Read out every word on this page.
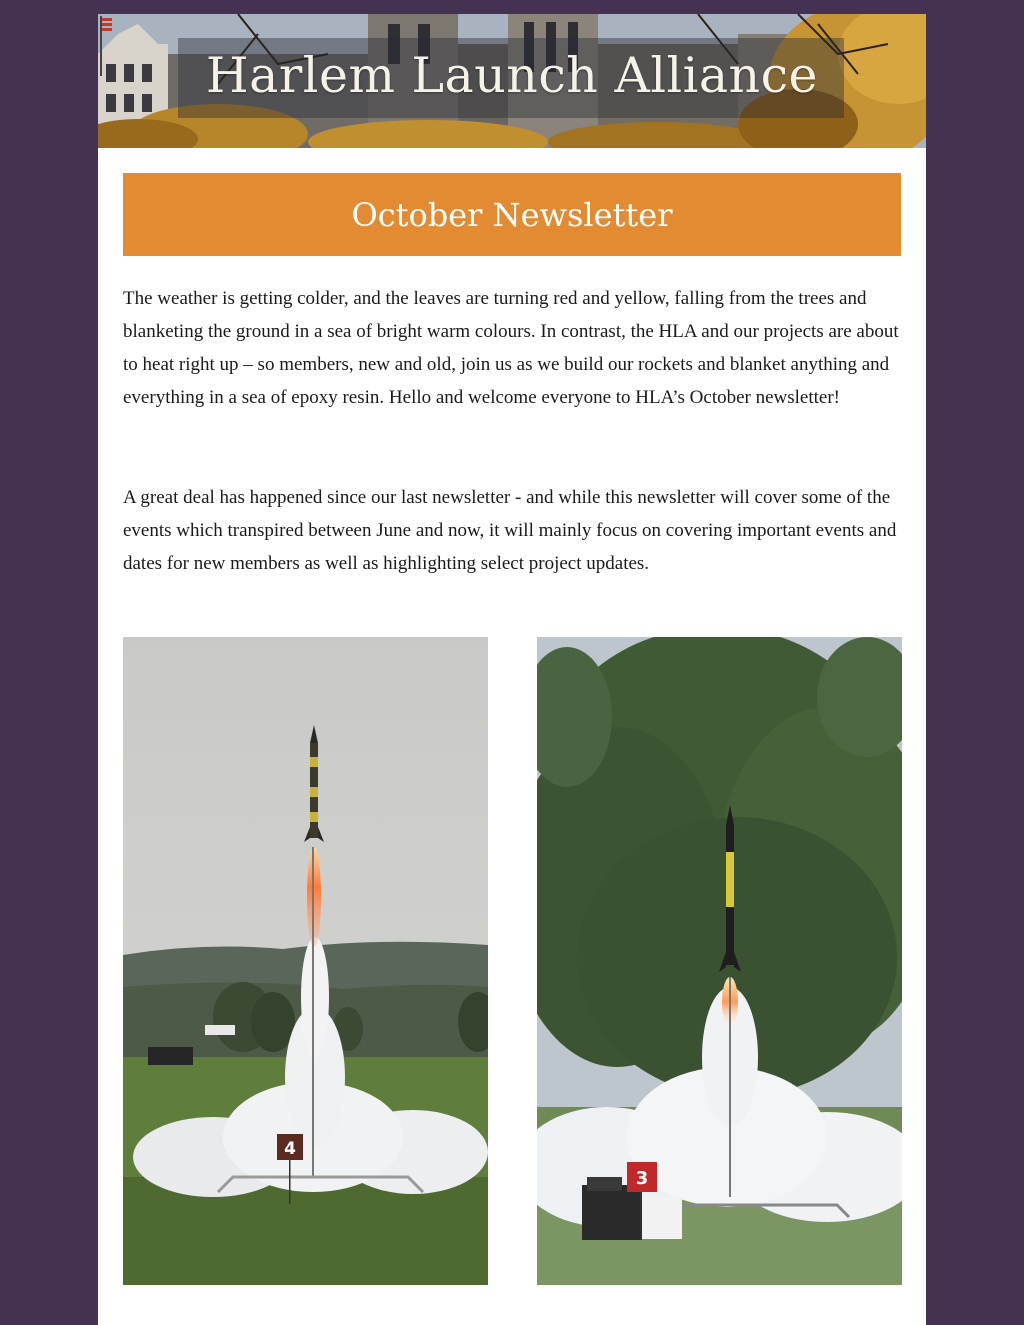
Harlem Launch Alliance
October Newsletter

The weather is getting colder, and the leaves are turning red and yellow, falling from the trees and blanketing the ground in a sea of bright warm colours. In contrast, the HLA and our projects are about to heat right up – so members, new and old, join us as we build our rockets and blanket anything and everything in a sea of epoxy resin. Hello and welcome everyone to HLA’s October newsletter!

A great deal has happened since our last newsletter - and while this newsletter will cover some of the events which transpired between June and now, it will mainly focus on covering important events and dates for new members as well as highlighting select project updates.

4
3
